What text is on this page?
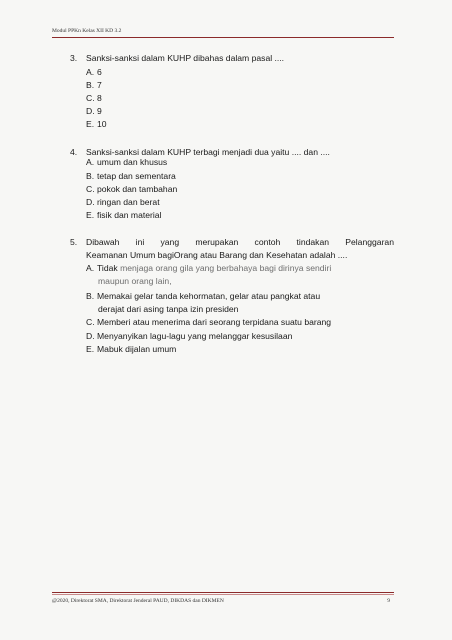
Modul PPKn Kelas XII KD 3.2
3. Sanksi-sanksi dalam KUHP dibahas dalam pasal ....
A. 6
B. 7
C. 8
D. 9
E. 10
4. Sanksi-sanksi dalam KUHP terbagi menjadi dua yaitu .... dan ....
A. umum dan khusus
B. tetap dan sementara
C. pokok dan tambahan
D. ringan dan berat
E. fisik dan material
5. Dibawah ini yang merupakan contoh tindakan Pelanggaran
Keamanan Umum bagiOrang atau Barang dan Kesehatan adalah ....
A. Tidak menjaga orang gila yang berbahaya bagi dirinya sendiri
maupun orang lain,
B. Memakai gelar tanda kehormatan, gelar atau pangkat atau
derajat dari asing tanpa izin presiden
C. Memberi atau menerima dari seorang terpidana suatu barang
D. Menyanyikan lagu-lagu yang melanggar kesusilaan
E. Mabuk dijalan umum
@2020, Direktorat SMA, Direktorat Jenderal PAUD, DIKDAS dan DIKMEN	9
